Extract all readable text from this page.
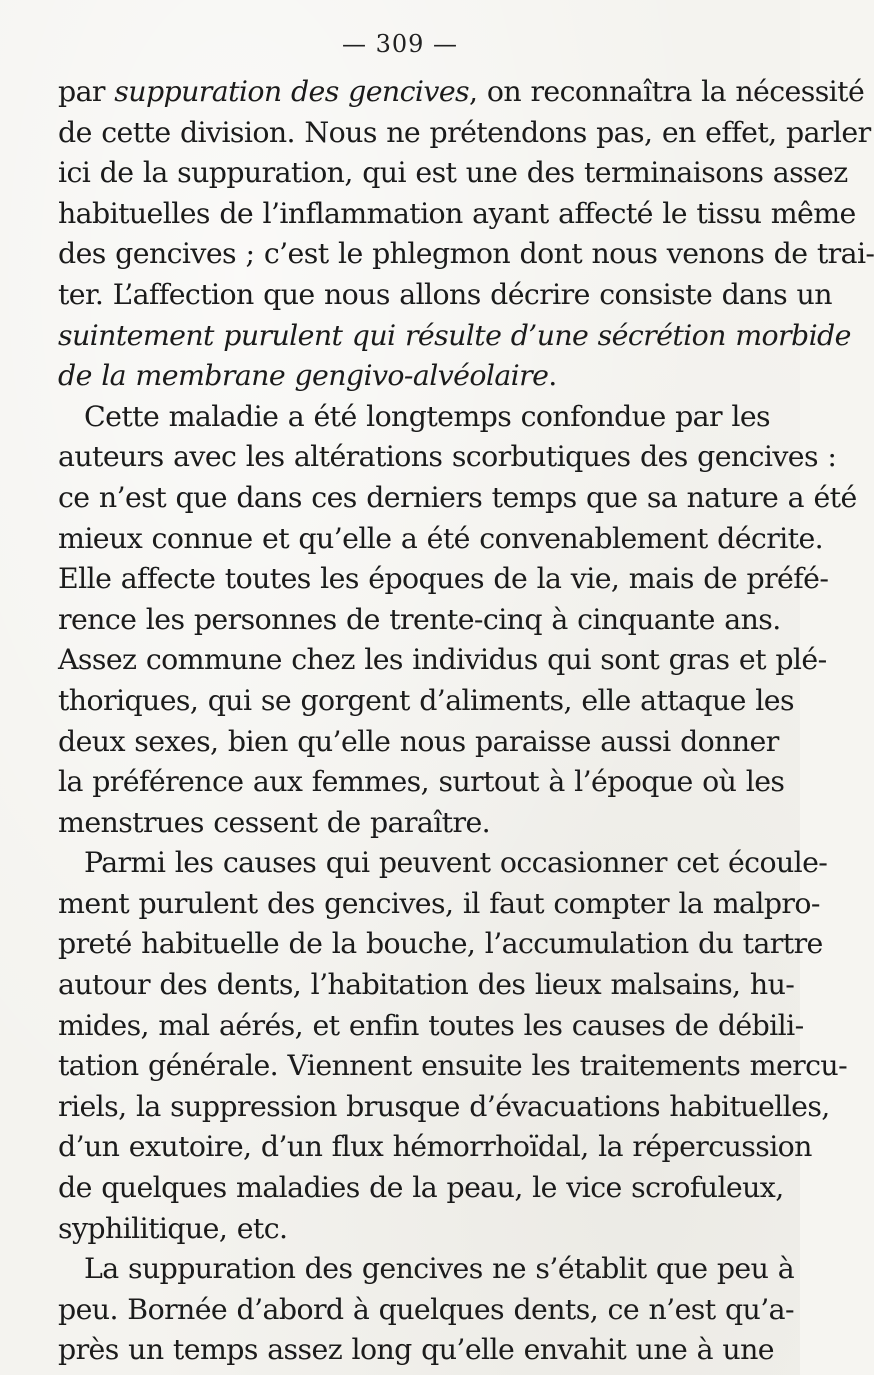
— 309 —
par suppuration des gencives, on reconnaîtra la nécessité
de cette division. Nous ne prétendons pas, en effet, parler
ici de la suppuration, qui est une des terminaisons assez
habituelles de l’inflammation ayant affecté le tissu même
des gencives ; c’est le phlegmon dont nous venons de trai-
ter. L’affection que nous allons décrire consiste dans un
suintement purulent qui résulte d’une sécrétion morbide
de la membrane gengivo-alvéolaire.
Cette maladie a été longtemps confondue par les
auteurs avec les altérations scorbutiques des gencives :
ce n’est que dans ces derniers temps que sa nature a été
mieux connue et qu’elle a été convenablement décrite.
Elle affecte toutes les époques de la vie, mais de préfé-
rence les personnes de trente-cinq à cinquante ans.
Assez commune chez les individus qui sont gras et plé-
thoriques, qui se gorgent d’aliments, elle attaque les
deux sexes, bien qu’elle nous paraisse aussi donner
la préférence aux femmes, surtout à l’époque où les
menstrues cessent de paraître.
Parmi les causes qui peuvent occasionner cet écoule-
ment purulent des gencives, il faut compter la malpro-
preté habituelle de la bouche, l’accumulation du tartre
autour des dents, l’habitation des lieux malsains, hu-
mides, mal aérés, et enfin toutes les causes de débili-
tation générale. Viennent ensuite les traitements mercu-
riels, la suppression brusque d’évacuations habituelles,
d’un exutoire, d’un flux hémorrhoïdal, la répercussion
de quelques maladies de la peau, le vice scrofuleux,
syphilitique, etc.
La suppuration des gencives ne s’établit que peu à
peu. Bornée d’abord à quelques dents, ce n’est qu’a-
près un temps assez long qu’elle envahit une à une
